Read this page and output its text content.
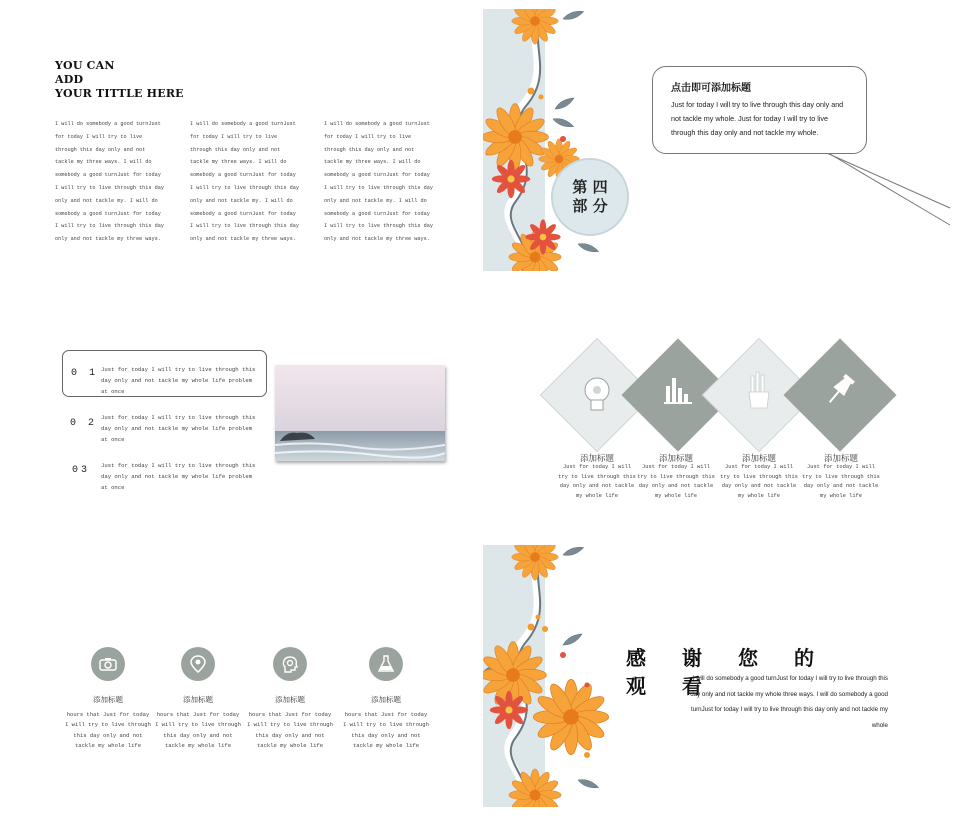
YOU CAN
ADD
YOUR TITTLE HERE
I will do somebody a good turnJust for today I will try to live through this day only and not tackle my three ways. I will do somebody a good turnJust for today I will try to live through this day only and not tackle my. I will do somebody a good turnJust for today I will try to live through this day only and not tackle my three ways.
I will do somebody a good turnJust for today I will try to live through this day only and not tackle my three ways. I will do somebody a good turnJust for today I will try to live through this day only and not tackle my. I will do somebody a good turnJust for today I will try to live through this day only and not tackle my three ways.
I will do somebody a good turnJust for today I will try to live through this day only and not tackle my three ways. I will do somebody a good turnJust for today I will try to live through this day only and not tackle my. I will do somebody a good turnJust for today I will try to live through this day only and not tackle my three ways.
第 四
部 分
点击即可添加标题
Just for today I will try to live through this day only and not tackle my whole. Just for today I will try to live through this day only and not tackle my whole.
0 1 Just for today I will try to live through this day only and not tackle my whole life problem at once
0 2
Just for today I will try to live through this day only and not tackle my whole life problem at once
03 Just for today I will try to live through this day only and not tackle my whole life problem at once
添加标题
Just for today I will try to live through this day only and not tackle my whole life
添加标题
Just for today I will try to live through this day only and not tackle my whole life
添加标题
Just for today I will try to live through this day only and not tackle my whole life
添加标题
Just for today I will try to live through this day only and not tackle my whole life
添加标题
hours that Just for today I will try to live through this day only and not tackle my whole life
添加标题
hours that Just for today I will try to live through this day only and not tackle my whole life
添加标题
hours that Just for today I will try to live through this day only and not tackle my whole life
添加标题
hours that Just for today I will try to live through this day only and not tackle my whole life
感谢您的观看
I will do somebody a good turnJust for today I will try to live through this day only and not tackle my whole three ways. I will do somebody a good turnJust for today I will try to live through this day only and not tackle my whole
